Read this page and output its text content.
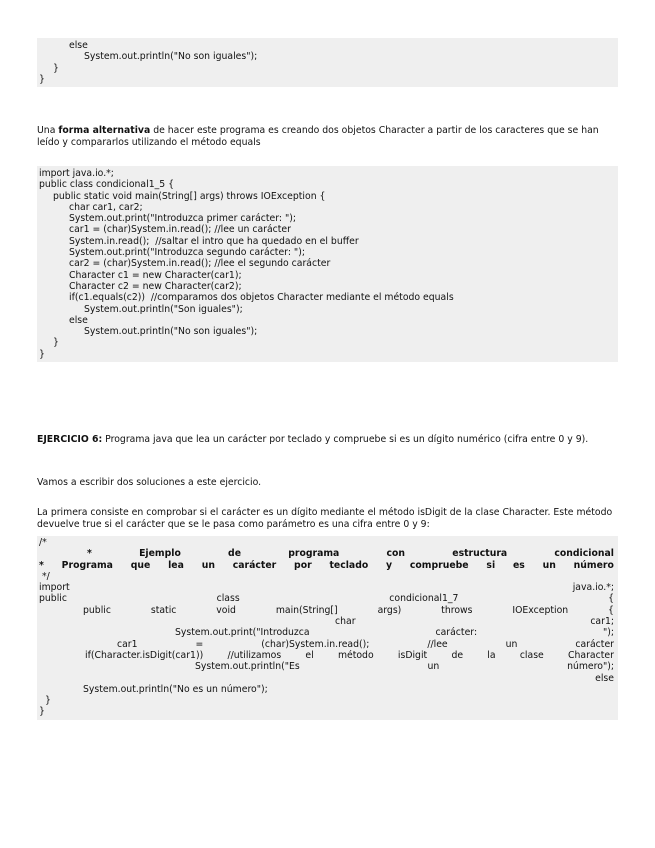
else
System.out.println("No son iguales");
}
}
Una forma alternativa de hacer este programa es creando dos objetos Character a partir de los caracteres que se han leído y compararlos utilizando el método equals
import java.io.*;
public class condicional1_5 {
public static void main(String[] args) throws IOException {
char car1, car2;
System.out.print("Introduzca primer carácter: ");
car1 = (char)System.in.read(); //lee un carácter
System.in.read();  //saltar el intro que ha quedado en el buffer
System.out.print("Introduzca segundo carácter: ");
car2 = (char)System.in.read(); //lee el segundo carácter
Character c1 = new Character(car1);
Character c2 = new Character(car2);
if(c1.equals(c2))  //comparamos dos objetos Character mediante el método equals
System.out.println("Son iguales");
else
System.out.println("No son iguales");
}
}
EJERCICIO 6: Programa java que lea un carácter por teclado y compruebe si es un dígito numérico (cifra entre 0 y 9).
Vamos a escribir dos soluciones a este ejercicio.
La primera consiste en comprobar si el carácter es un dígito mediante el método isDigit de la clase Character. Este método devuelve true si el carácter que se le pasa como parámetro es una cifra entre 0 y 9:
/*
*	Ejemplo	de	programa	con	estructura	condicional
* Programa que lea un carácter por teclado y compruebe si es un número
*/
import	java.io.*;
public	class	condicional1_7	{
public	static	void	main(String[]	args)	throws	IOException	{
char	car1;
System.out.print("Introduzca	carácter:	");
car1	=	(char)System.in.read();	//lee	un	carácter
if(Character.isDigit(car1))	//utilizamos	el	método	isDigit	de	la	clase	Character
System.out.println("Es	un	número");
else
System.out.println("No es un número");
}
}
